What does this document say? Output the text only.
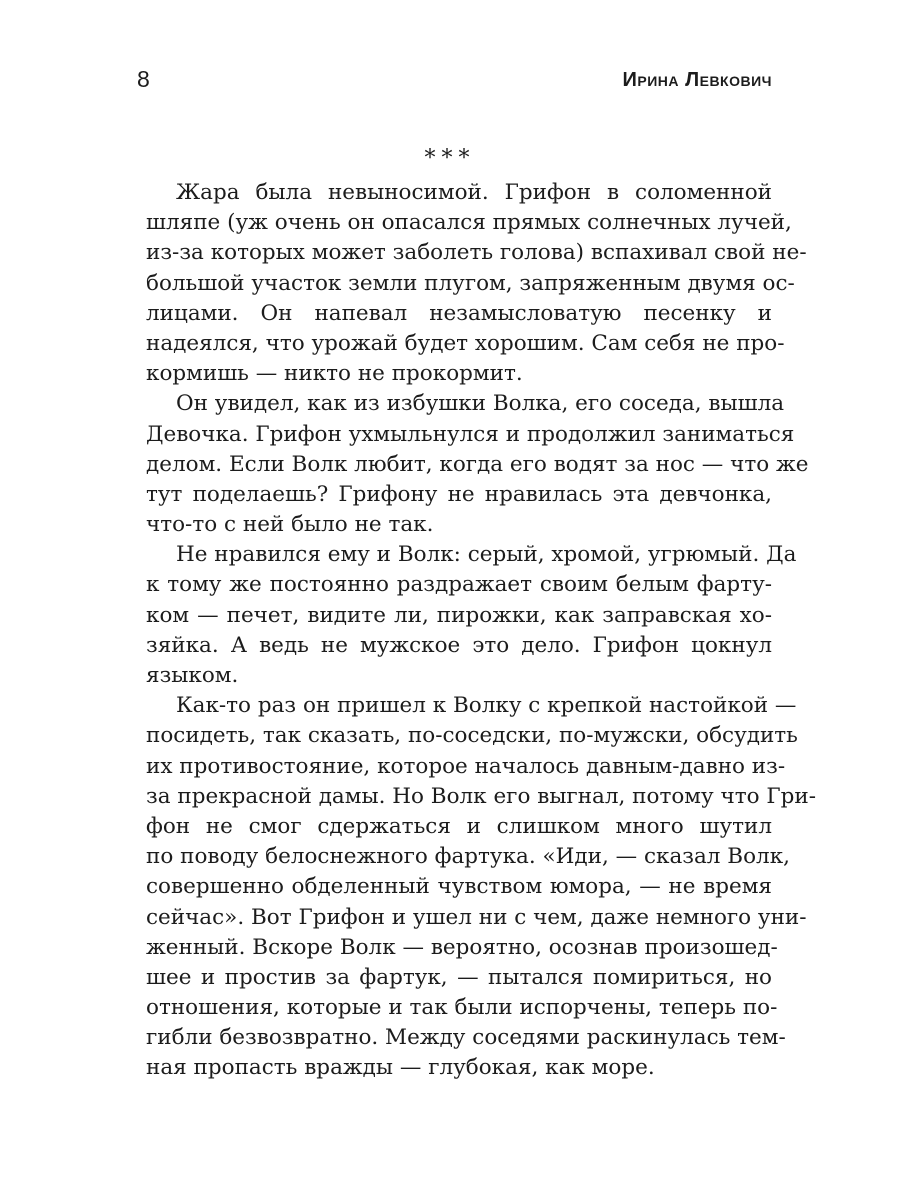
8	Ирина Левкович
***
Жара была невыносимой. Грифон в соломенной
шляпе (уж очень он опасался прямых солнечных лучей,
из-за которых может заболеть голова) вспахивал свой не-
большой участок земли плугом, запряженным двумя ос-
лицами. Он напевал незамысловатую песенку и
надеялся, что урожай будет хорошим. Сам себя не про-
кормишь — никто не прокормит.
Он увидел, как из избушки Волка, его соседа, вышла
Девочка. Грифон ухмыльнулся и продолжил заниматься
делом. Если Волк любит, когда его водят за нос — что же
тут поделаешь? Грифону не нравилась эта девчонка,
что-то с ней было не так.
Не нравился ему и Волк: серый, хромой, угрюмый. Да
к тому же постоянно раздражает своим белым фарту-
ком — печет, видите ли, пирожки, как заправская хо-
зяйка. А ведь не мужское это дело. Грифон цокнул
языком.
Как-то раз он пришел к Волку с крепкой настойкой —
посидеть, так сказать, по-соседски, по-мужски, обсудить
их противостояние, которое началось давным-давно из-
за прекрасной дамы. Но Волк его выгнал, потому что Гри-
фон не смог сдержаться и слишком много шутил
по поводу белоснежного фартука. «Иди, — сказал Волк,
совершенно обделенный чувством юмора, — не время
сейчас». Вот Грифон и ушел ни с чем, даже немного уни-
женный. Вскоре Волк — вероятно, осознав произошед-
шее и простив за фартук, — пытался помириться, но
отношения, которые и так были испорчены, теперь по-
гибли безвозвратно. Между соседями раскинулась тем-
ная пропасть вражды — глубокая, как море.
